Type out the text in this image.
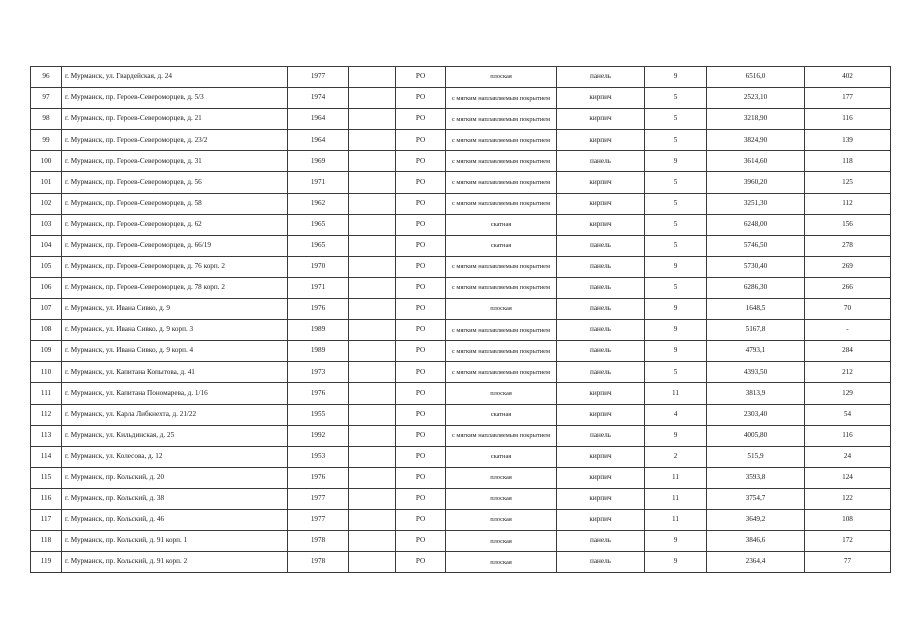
96	г. Мурманск, ул. Гвардейская, д. 24	1977		РО	плоская	панель	9	6516,0	402
97	г. Мурманск, пр. Героев-Североморцев, д. 5/3	1974		РО	с мягким наплавляемым покрытием	кирпич	5	2523,10	177
98	г. Мурманск, пр. Героев-Североморцев, д. 21	1964		РО	с мягким наплавляемым покрытием	кирпич	5	3218,90	116
99	г. Мурманск, пр. Героев-Североморцев, д. 23/2	1964		РО	с мягким наплавляемым покрытием	кирпич	5	3824,90	139
100	г. Мурманск, пр. Героев-Североморцев, д. 31	1969		РО	с мягким наплавляемым покрытием	панель	9	3614,60	118
101	г. Мурманск, пр. Героев-Североморцев, д. 56	1971		РО	с мягким наплавляемым покрытием	кирпич	5	3960,20	125
102	г. Мурманск, пр. Героев-Североморцев, д. 58	1962		РО	с мягким наплавляемым покрытием	кирпич	5	3251,30	112
103	г. Мурманск, пр. Героев-Североморцев, д. 62	1965		РО	скатная	кирпич	5	6248,00	156
104	г. Мурманск, пр. Героев-Североморцев, д. 66/19	1965		РО	скатная	панель	5	5746,50	278
105	г. Мурманск, пр. Героев-Североморцев, д. 76 корп. 2	1970		РО	с мягким наплавляемым покрытием	панель	9	5730,40	269
106	г. Мурманск, пр. Героев-Североморцев, д. 78 корп. 2	1971		РО	с мягким наплавляемым покрытием	панель	5	6286,30	266
107	г. Мурманск, ул. Ивана Сивко, д. 9	1976		РО	плоская	панель	9	1648,5	70
108	г. Мурманск, ул. Ивана Сивко, д. 9 корп. 3	1989		РО	с мягким наплавляемым покрытием	панель	9	5167,8	-
109	г. Мурманск, ул. Ивана Сивко, д. 9 корп. 4	1989		РО	с мягким наплавляемым покрытием	панель	9	4793,1	284
110	г. Мурманск, ул. Капитана Копытова, д. 41	1973		РО	с мягким наплавляемым покрытием	панель	5	4393,50	212
111	г. Мурманск, ул. Капитана Пономарева, д. 1/16	1976		РО	плоская	кирпич	11	3813,9	129
112	г. Мурманск, ул. Карла Либкнехта, д. 21/22	1955		РО	скатная	кирпич	4	2303,40	54
113	г. Мурманск, ул. Кильдинская, д. 25	1992		РО	с мягким наплавляемым покрытием	панель	9	4005,80	116
114	г. Мурманск, ул. Колесова, д. 12	1953		РО	скатная	кирпич	2	515,9	24
115	г. Мурманск, пр. Кольский, д. 20	1976		РО	плоская	кирпич	11	3593,8	124
116	г. Мурманск, пр. Кольский, д. 38	1977		РО	плоская	кирпич	11	3754,7	122
117	г. Мурманск, пр. Кольский, д. 46	1977		РО	плоская	кирпич	11	3649,2	108
118	г. Мурманск, пр. Кольский, д. 91 корп. 1	1978		РО	плоская	панель	9	3846,6	172
119	г. Мурманск, пр. Кольский, д. 91 корп. 2	1978		РО	плоская	панель	9	2364,4	77
